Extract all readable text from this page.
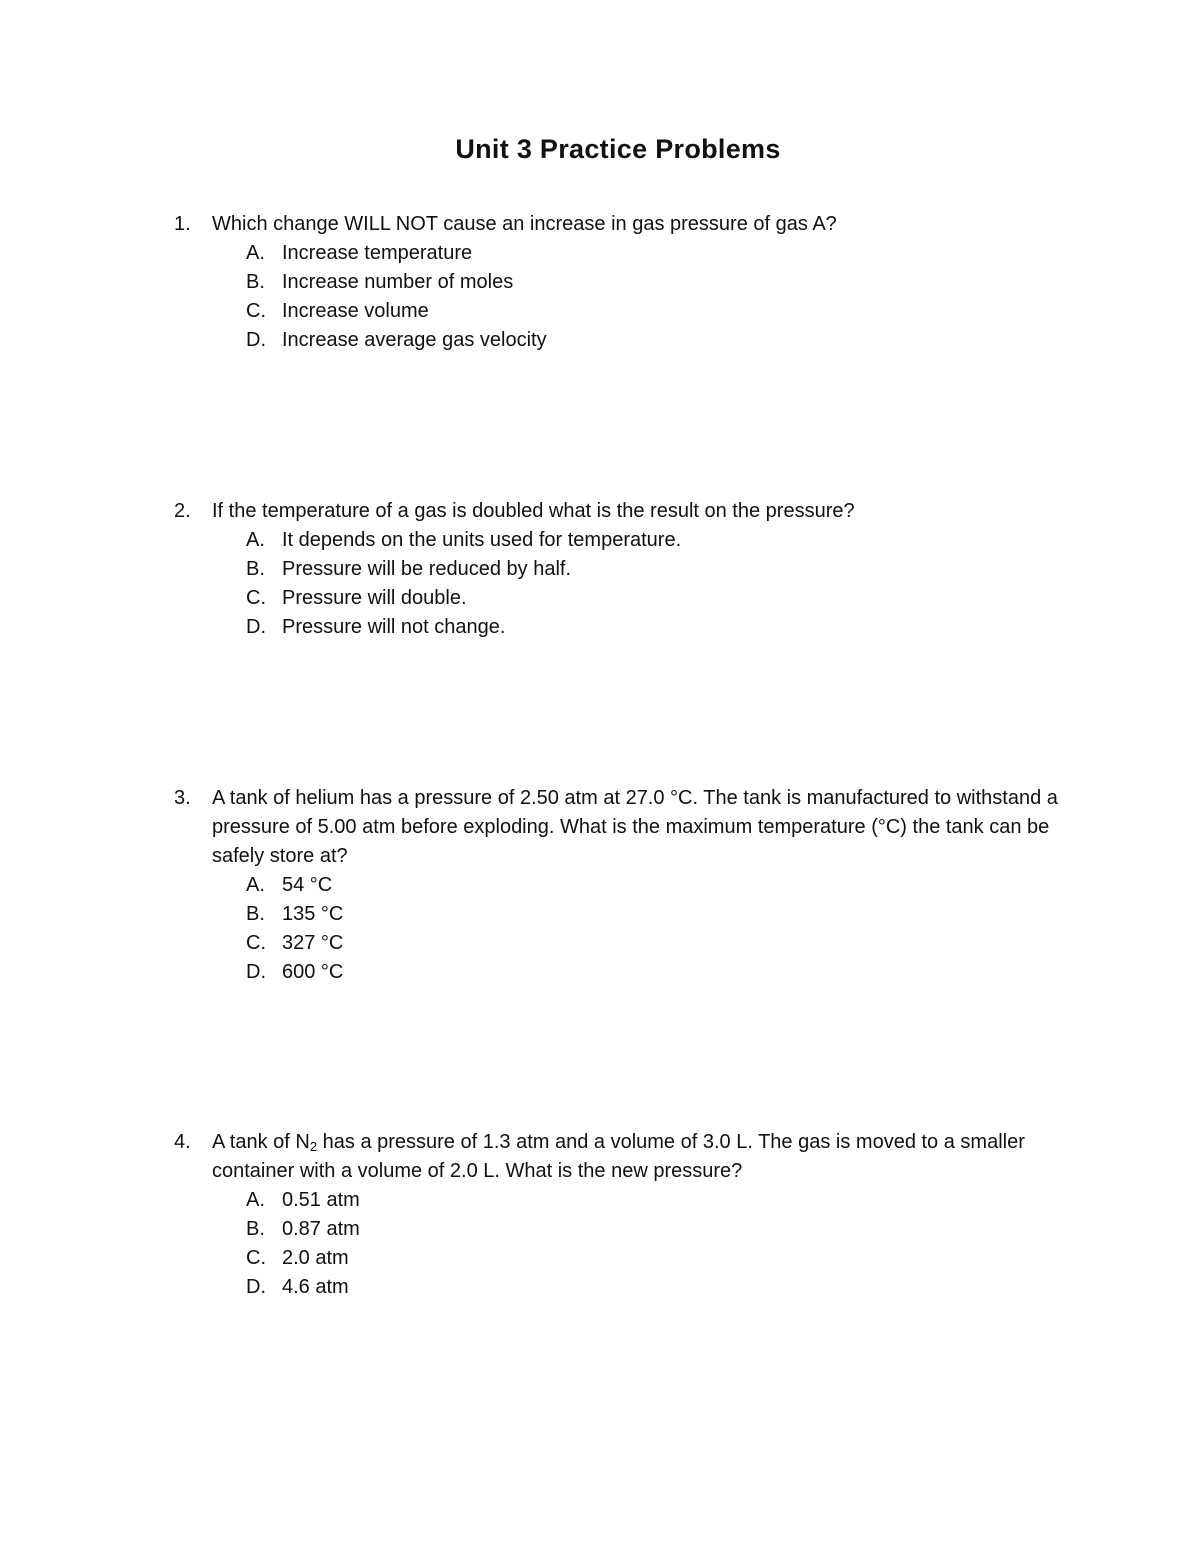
Unit 3 Practice Problems
1.	Which change WILL NOT cause an increase in gas pressure of gas A?
A. Increase temperature
B. Increase number of moles
C. Increase volume
D. Increase average gas velocity
2.	If the temperature of a gas is doubled what is the result on the pressure?
A. It depends on the units used for temperature.
B. Pressure will be reduced by half.
C. Pressure will double.
D. Pressure will not change.
3.	A tank of helium has a pressure of 2.50 atm at 27.0 °C. The tank is manufactured to withstand a pressure of 5.00 atm before exploding. What is the maximum temperature (°C) the tank can be safely store at?
A. 54 °C
B. 135 °C
C. 327 °C
D. 600 °C
4.	A tank of $N_2$ has a pressure of 1.3 atm and a volume of 3.0 L. The gas is moved to a smaller container with a volume of 2.0 L. What is the new pressure?
A. 0.51 atm
B. 0.87 atm
C. 2.0 atm
D. 4.6 atm
